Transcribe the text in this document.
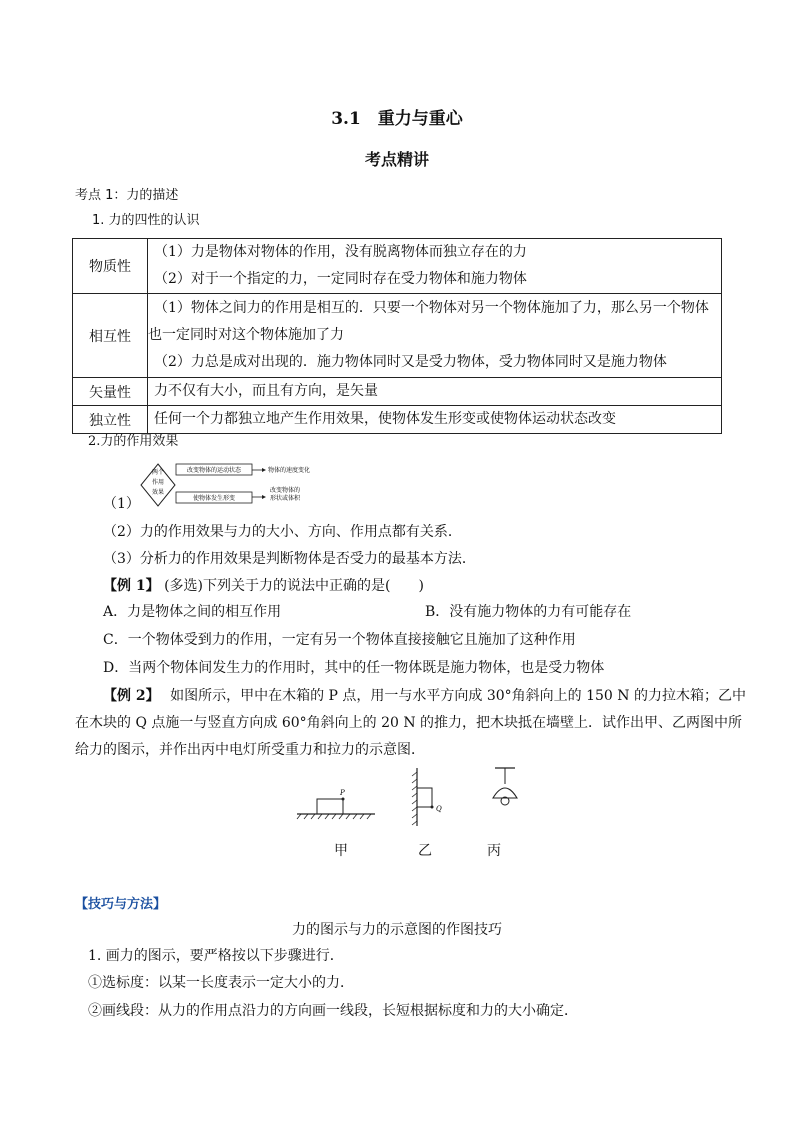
3.1　重力与重心
考点精讲
考点 1：力的描述
1. 力的四性的认识
物质性	（1）力是物体对物体的作用，没有脱离物体而独立存在的力
（2）对于一个指定的力，一定同时存在受力物体和施力物体

相互性	（1）物体之间力的作用是相互的．只要一个物体对另一个物体施加了力，那么另一个物体
也一定同时对这个物体施加了力
（2）力总是成对出现的．施力物体同时又是受力物体，受力物体同时又是施力物体

矢量性	力不仅有大小，而且有方向，是矢量

独立性	任何一个力都独立地产生作用效果，使物体发生形变或使物体运动状态改变
2.力的作用效果
（1）
两个
作用
效果
改变物体的运动状态	物体的速度变化
使物体发生形变
改变物体的
形状或体积
（2）力的作用效果与力的大小、方向、作用点都有关系．
（3）分析力的作用效果是判断物体是否受力的最基本方法．
【例 1】 (多选)下列关于力的说法中正确的是(　　)
A．力是物体之间的相互作用	B．没有施力物体的力有可能存在
C．一个物体受到力的作用，一定有另一个物体直接接触它且施加了这种作用
D．当两个物体间发生力的作用时，其中的任一物体既是施力物体，也是受力物体
【例 2】 如图所示，甲中在木箱的 P 点，用一与水平方向成 30°角斜向上的 150 N 的力拉木箱；乙中
在木块的 Q 点施一与竖直方向成 60°角斜向上的 20 N 的推力，把木块抵在墙壁上．试作出甲、乙两图中所
给力的图示，并作出丙中电灯所受重力和拉力的示意图．
P
Q
甲	乙	丙
【技巧与方法】
力的图示与力的示意图的作图技巧
1. 画力的图示，要严格按以下步骤进行．
①选标度：以某一长度表示一定大小的力．
②画线段：从力的作用点沿力的方向画一线段，长短根据标度和力的大小确定．
